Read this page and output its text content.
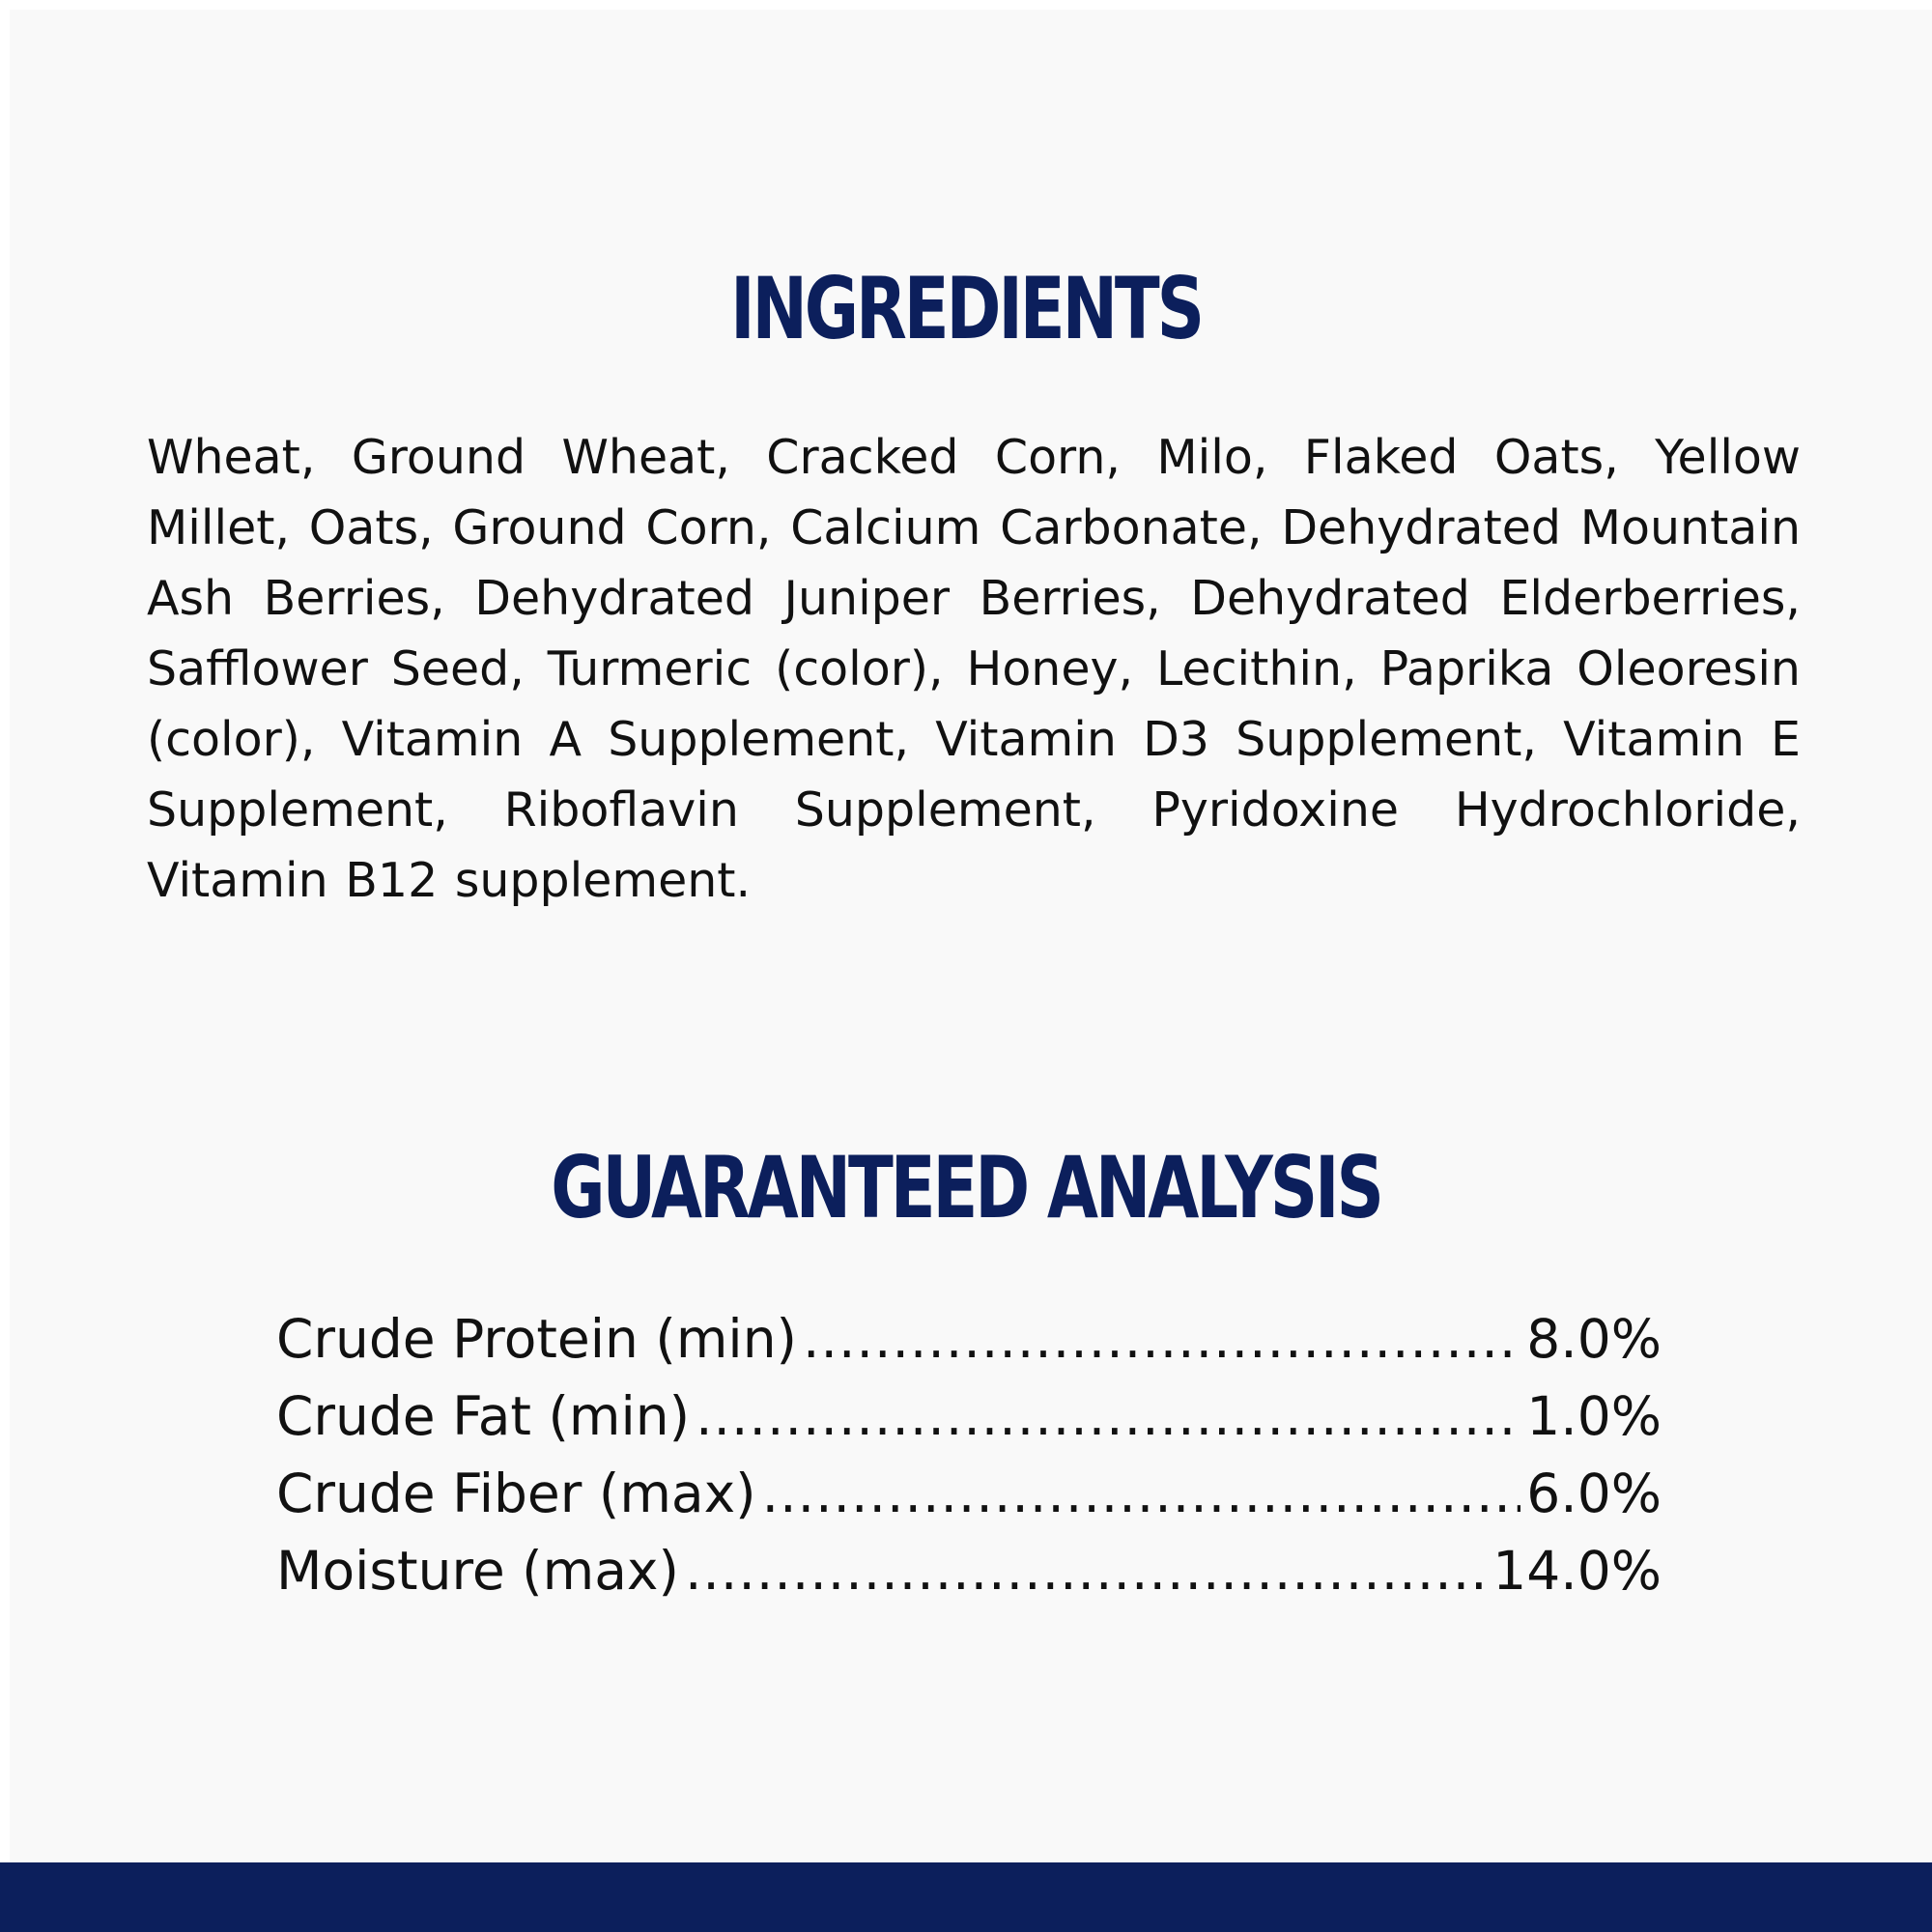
INGREDIENTS

Wheat, Ground Wheat, Cracked Corn, Milo, Flaked Oats, Yellow Millet, Oats, Ground Corn, Calcium Carbonate, Dehydrated Mountain Ash Berries, Dehydrated Juniper Berries, Dehydrated Elderberries, Safflower Seed, Turmeric (color), Honey, Lecithin, Paprika Oleoresin (color), Vitamin A Supplement, Vitamin D3 Supplement, Vitamin E Supplement, Riboflavin Supplement, Pyridoxine Hydrochloride, Vitamin B12 supplement.

GUARANTEED ANALYSIS
Crude Protein (min) .....	8.0%
Crude Fat (min) .....	1.0%
Crude Fiber (max) .....	6.0%
Moisture (max) .....	14.0%
